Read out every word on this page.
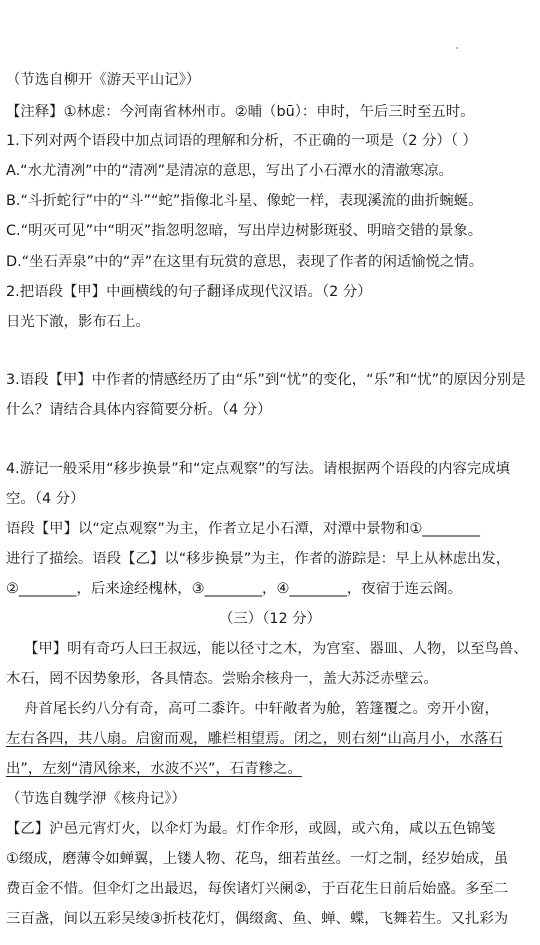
（节选自柳开《游天平山记》）
【注释】①林虑：今河南省林州市。②晡（bū）：申时，午后三时至五时。
1.下列对两个语段中加点词语的理解和分析，不正确的一项是（2 分）（ ）
A.“水尤清冽”中的“清冽”是清凉的意思，写出了小石潭水的清澈寒凉。
B.“斗折蛇行”中的“斗”“蛇”指像北斗星、像蛇一样，表现溪流的曲折蜿蜒。
C.“明灭可见”中“明灭”指忽明忽暗，写出岸边树影斑驳、明暗交错的景象。
D.“坐石弄泉”中的“弄”在这里有玩赏的意思，表现了作者的闲适愉悦之情。
2.把语段【甲】中画横线的句子翻译成现代汉语。（2 分）
日光下澈，影布石上。
3.语段【甲】中作者的情感经历了由“乐”到“忧”的变化，“乐”和“忧”的原因分别是
什么？请结合具体内容简要分析。（4 分）
4.游记一般采用“移步换景”和“定点观察”的写法。请根据两个语段的内容完成填
空。（4 分）
语段【甲】以“定点观察”为主，作者立足小石潭，对潭中景物和①________
进行了描绘。语段【乙】以“移步换景”为主，作者的游踪是：早上从林虑出发，
②________，后来途经槐林，③________，④________，夜宿于连云阁。
（三）（12 分）
【甲】明有奇巧人曰王叔远，能以径寸之木，为宫室、器皿、人物，以至鸟兽、
木石，罔不因势象形，各具情态。尝贻余核舟一，盖大苏泛赤壁云。
舟首尾长约八分有奇，高可二黍许。中轩敞者为舱，箬篷覆之。旁开小窗，
左右各四，共八扇。启窗而观，雕栏相望焉。闭之，则右刻“山高月小，水落石
出”，左刻“清风徐来，水波不兴”，石青糁之。
（节选自魏学洢《核舟记》）
【乙】沪邑元宵灯火，以伞灯为最。灯作伞形，或圆，或六角，咸以五色锦笺
①缀成，磨薄令如蝉翼，上镂人物、花鸟，细若茧丝。一灯之制，经岁始成，虽
费百金不惜。但伞灯之出最迟，每俟诸灯兴阑②，于百花生日前后始盛。多至二
三百盏，间以五彩吴绫③折枝花灯，偶缀禽、鱼、蝉、蝶，飞舞若生。又扎彩为
